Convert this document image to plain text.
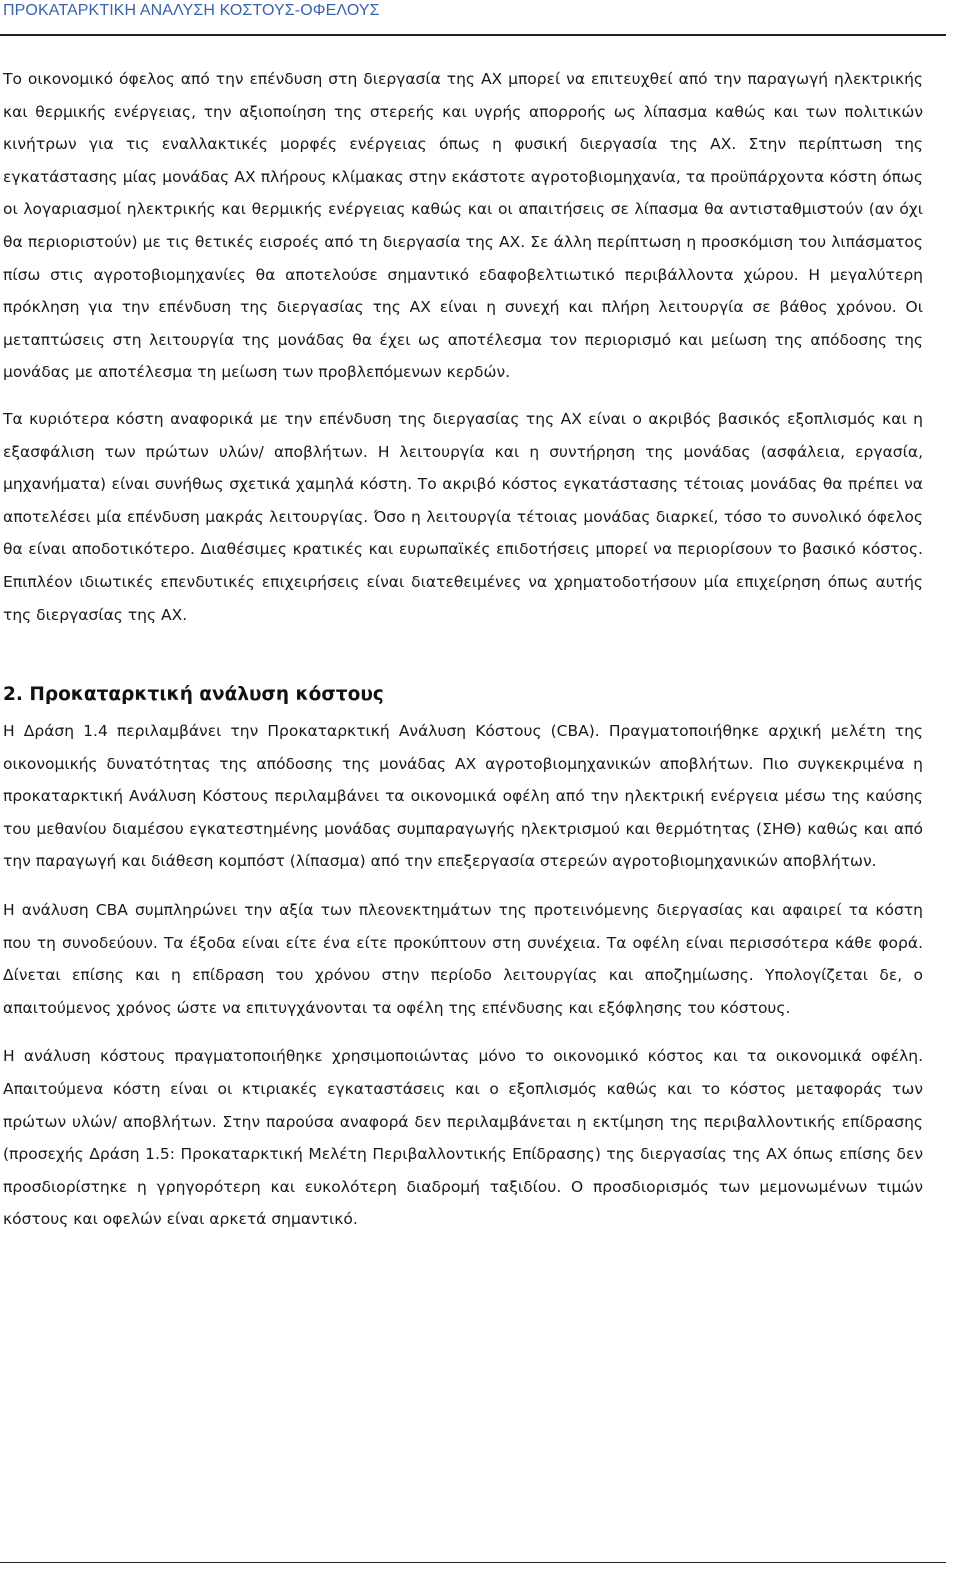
ΠΡΟΚΑΤΑΡΚΤΙΚΗ ΑΝΑΛΥΣΗ ΚΟΣΤΟΥΣ-ΟΦΕΛΟΥΣ

Το οικονομικό όφελος από την επένδυση στη διεργασία της ΑΧ μπορεί να επιτευχθεί από την παραγωγή ηλεκτρικής και θερμικής ενέργειας, την αξιοποίηση της στερεής και υγρής απορροής ως λίπασμα καθώς και των πολιτικών κινήτρων για τις εναλλακτικές μορφές ενέργειας όπως η φυσική διεργασία της ΑΧ. Στην περίπτωση της εγκατάστασης μίας μονάδας ΑΧ πλήρους κλίμακας στην εκάστοτε αγροτοβιομηχανία, τα προϋπάρχοντα κόστη όπως οι λογαριασμοί ηλεκτρικής και θερμικής ενέργειας καθώς και οι απαιτήσεις σε λίπασμα θα αντισταθμιστούν (αν όχι θα περιοριστούν) με τις θετικές εισροές από τη διεργασία της ΑΧ. Σε άλλη περίπτωση η προσκόμιση του λιπάσματος πίσω στις αγροτοβιομηχανίες θα αποτελούσε σημαντικό εδαφοβελτιωτικό περιβάλλοντα χώρου. Η μεγαλύτερη πρόκληση για την επένδυση της διεργασίας της ΑΧ είναι η συνεχή και πλήρη λειτουργία σε βάθος χρόνου. Οι μεταπτώσεις στη λειτουργία της μονάδας θα έχει ως αποτέλεσμα τον περιορισμό και μείωση της απόδοσης της μονάδας με αποτέλεσμα τη μείωση των προβλεπόμενων κερδών.

Τα κυριότερα κόστη αναφορικά με την επένδυση της διεργασίας της ΑΧ είναι ο ακριβός βασικός εξοπλισμός και η εξασφάλιση των πρώτων υλών/ αποβλήτων. Η λειτουργία και η συντήρηση της μονάδας (ασφάλεια, εργασία, μηχανήματα) είναι συνήθως σχετικά χαμηλά κόστη. Το ακριβό κόστος εγκατάστασης τέτοιας μονάδας θα πρέπει να αποτελέσει μία επένδυση μακράς λειτουργίας. Όσο η λειτουργία τέτοιας μονάδας διαρκεί, τόσο το συνολικό όφελος θα είναι αποδοτικότερο. Διαθέσιμες κρατικές και ευρωπαϊκές επιδοτήσεις μπορεί να περιορίσουν το βασικό κόστος. Επιπλέον ιδιωτικές επενδυτικές επιχειρήσεις είναι διατεθειμένες να χρηματοδοτήσουν μία επιχείρηση όπως αυτής της διεργασίας της ΑΧ.

2. Προκαταρκτική ανάλυση κόστους

Η Δράση 1.4 περιλαμβάνει την Προκαταρκτική Ανάλυση Κόστους (CBA). Πραγματοποιήθηκε αρχική μελέτη της οικονομικής δυνατότητας της απόδοσης της μονάδας ΑΧ αγροτοβιομηχανικών αποβλήτων. Πιο συγκεκριμένα η προκαταρκτική Ανάλυση Κόστους περιλαμβάνει τα οικονομικά οφέλη από την ηλεκτρική ενέργεια μέσω της καύσης του μεθανίου διαμέσου εγκατεστημένης μονάδας συμπαραγωγής ηλεκτρισμού και θερμότητας (ΣΗΘ) καθώς και από την παραγωγή και διάθεση κομπόστ (λίπασμα) από την επεξεργασία στερεών αγροτοβιομηχανικών αποβλήτων.

Η ανάλυση CBA συμπληρώνει την αξία των πλεονεκτημάτων της προτεινόμενης διεργασίας και αφαιρεί τα κόστη που τη συνοδεύουν. Τα έξοδα είναι είτε ένα είτε προκύπτουν στη συνέχεια. Τα οφέλη είναι περισσότερα κάθε φορά. Δίνεται επίσης και η επίδραση του χρόνου στην περίοδο λειτουργίας και αποζημίωσης. Υπολογίζεται δε, ο απαιτούμενος χρόνος ώστε να επιτυγχάνονται τα οφέλη της επένδυσης και εξόφλησης του κόστους.

Η ανάλυση κόστους πραγματοποιήθηκε χρησιμοποιώντας μόνο το οικονομικό κόστος και τα οικονομικά οφέλη. Απαιτούμενα κόστη είναι οι κτιριακές εγκαταστάσεις και ο εξοπλισμός καθώς και το κόστος μεταφοράς των πρώτων υλών/ αποβλήτων. Στην παρούσα αναφορά δεν περιλαμβάνεται η εκτίμηση της περιβαλλοντικής επίδρασης (προσεχής Δράση 1.5: Προκαταρκτική Μελέτη Περιβαλλοντικής Επίδρασης) της διεργασίας της ΑΧ όπως επίσης δεν προσδιορίστηκε η γρηγορότερη και ευκολότερη διαδρομή ταξιδίου. Ο προσδιορισμός των μεμονωμένων τιμών κόστους και οφελών είναι αρκετά σημαντικό.
